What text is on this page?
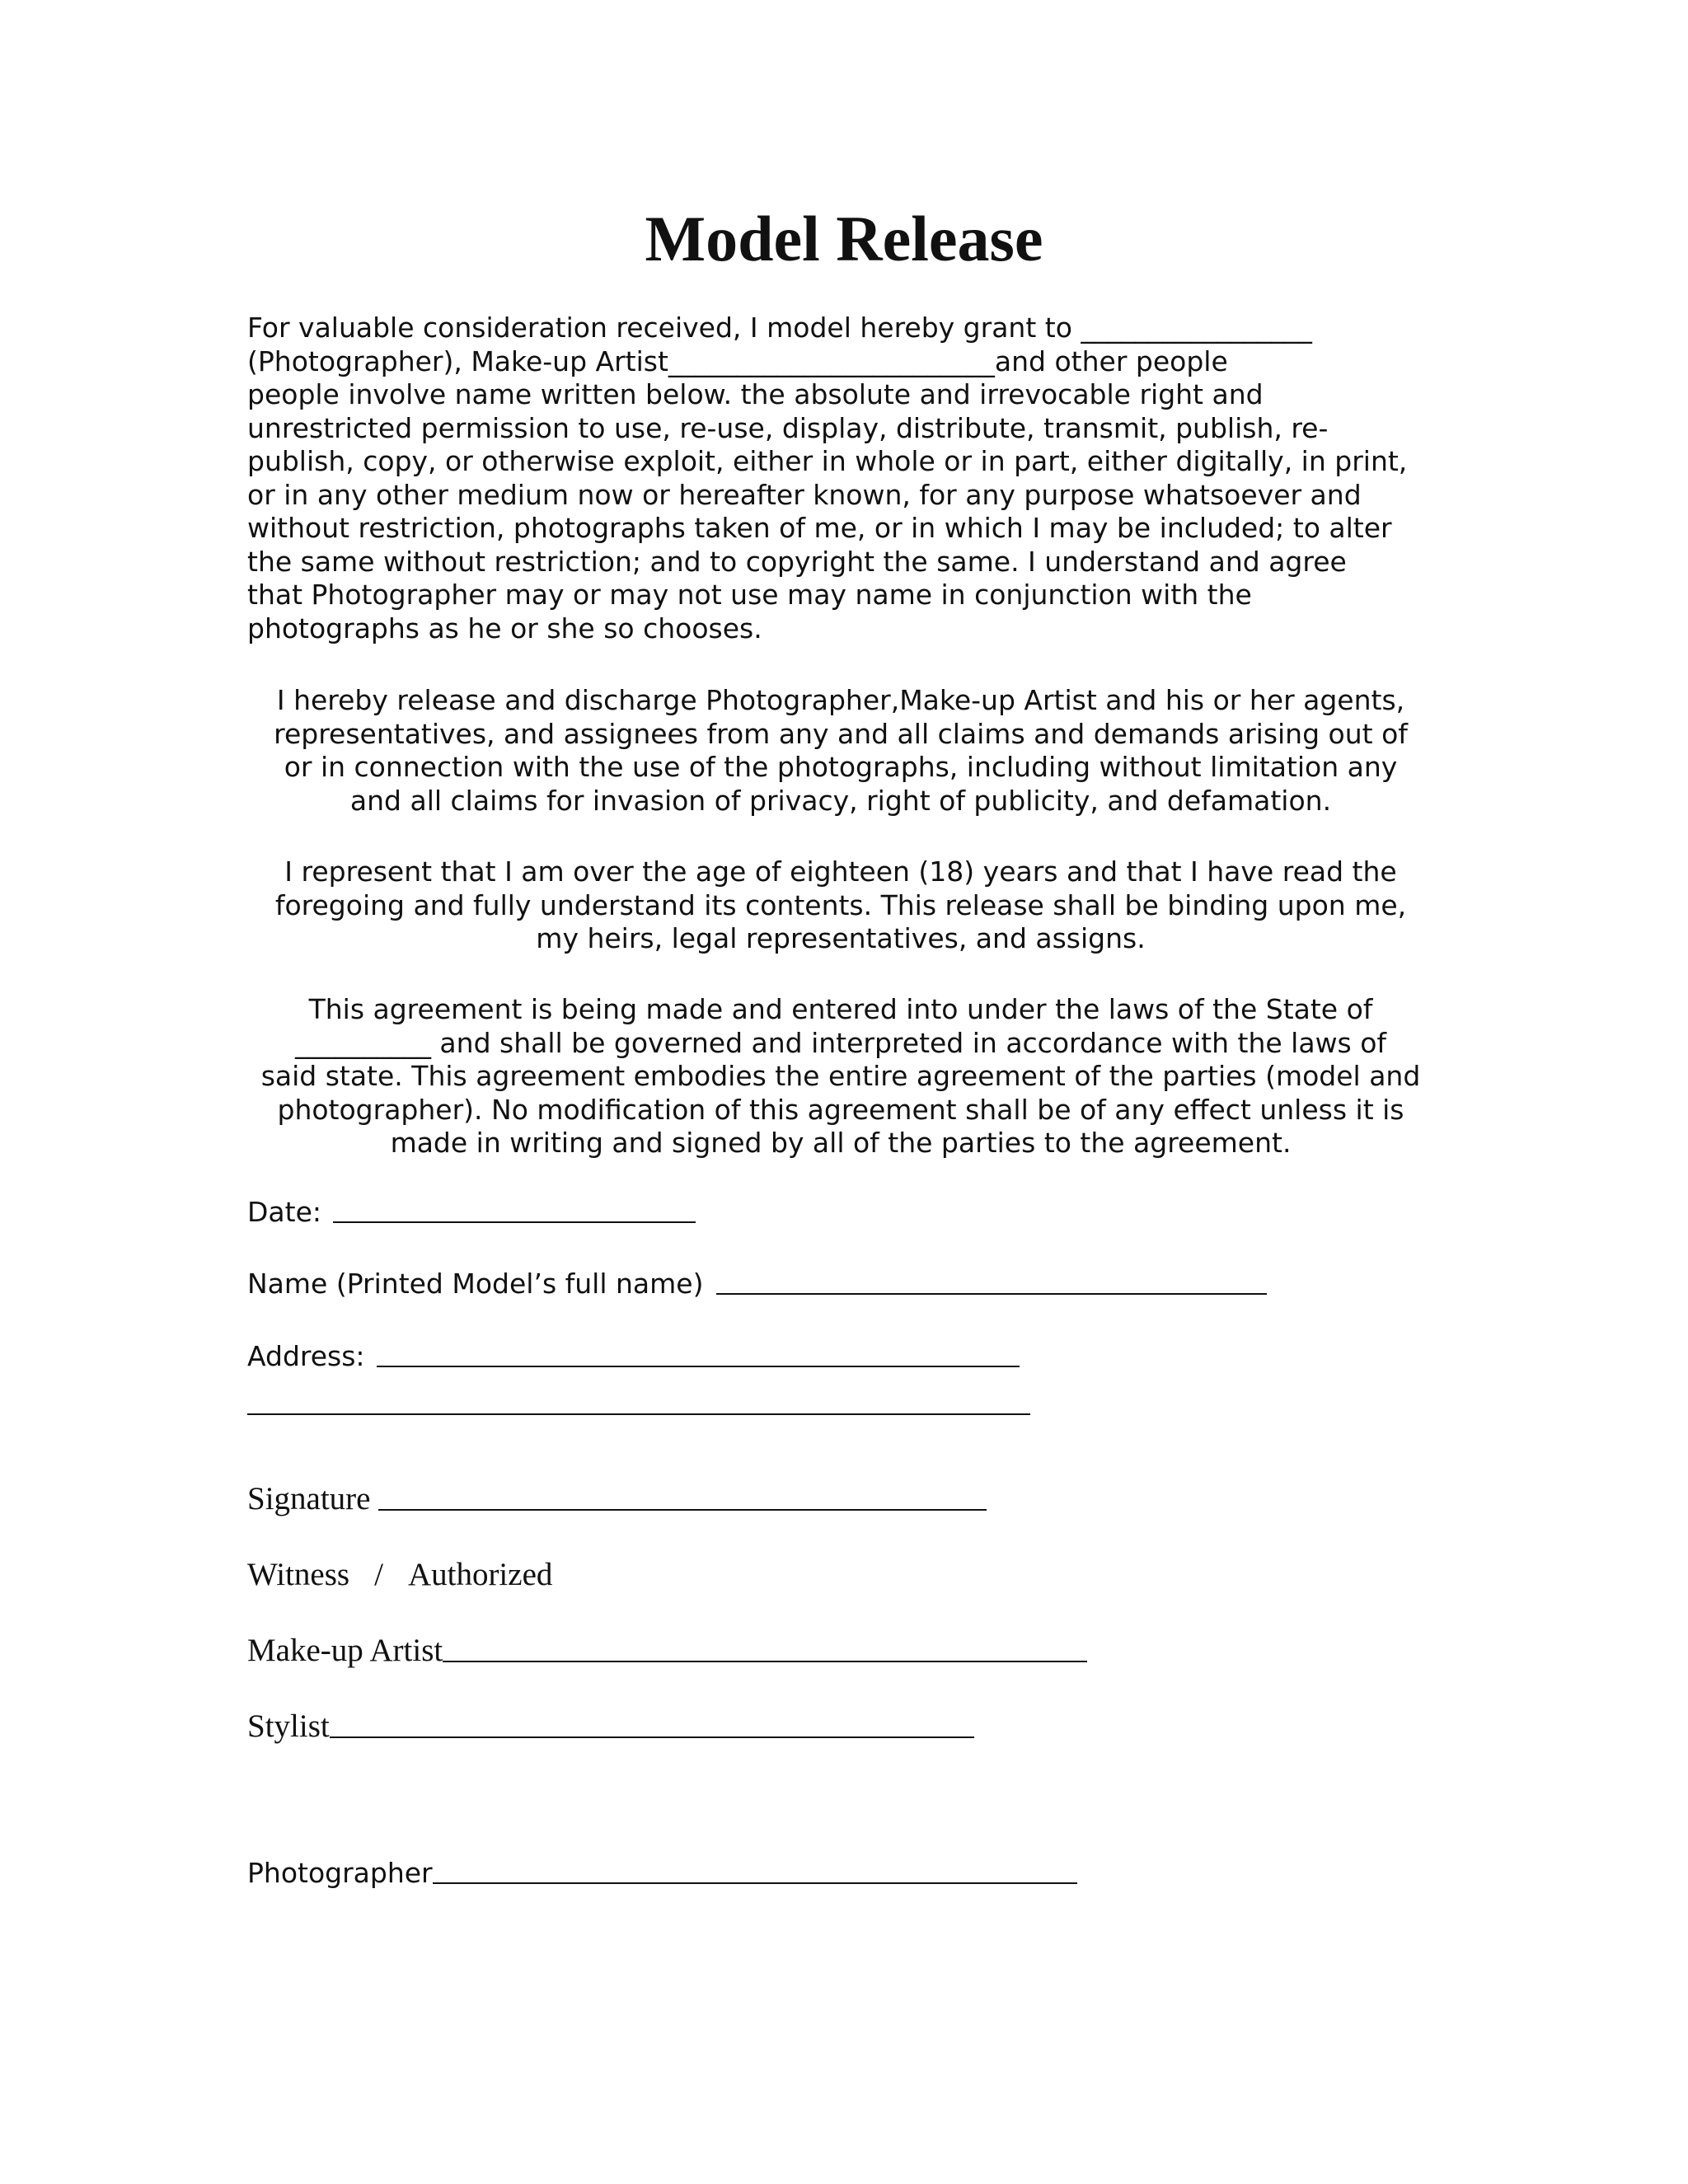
Model Release
For valuable consideration received, I model hereby grant to _________________
(Photographer), Make-up Artist________________________and other people
people involve name written below. the absolute and irrevocable right and
unrestricted permission to use, re-use, display, distribute, transmit, publish, re-
publish, copy, or otherwise exploit, either in whole or in part, either digitally, in print,
or in any other medium now or hereafter known, for any purpose whatsoever and
without restriction, photographs taken of me, or in which I may be included; to alter
the same without restriction; and to copyright the same. I understand and agree
that Photographer may or may not use may name in conjunction with the
photographs as he or she so chooses.
I hereby release and discharge Photographer,Make-up Artist and his or her agents,
representatives, and assignees from any and all claims and demands arising out of
or in connection with the use of the photographs, including without limitation any
and all claims for invasion of privacy, right of publicity, and defamation.
I represent that I am over the age of eighteen (18) years and that I have read the
foregoing and fully understand its contents. This release shall be binding upon me,
my heirs, legal representatives, and assigns.
This agreement is being made and entered into under the laws of the State of
__________ and shall be governed and interpreted in accordance with the laws of
said state. This agreement embodies the entire agreement of the parties (model and
photographer). No modification of this agreement shall be of any effect unless it is
made in writing and signed by all of the parties to the agreement.
Date:
Name (Printed Model’s full name)
Address:
Signature
Witness / Authorized
Make-up Artist
Stylist
Photographer
